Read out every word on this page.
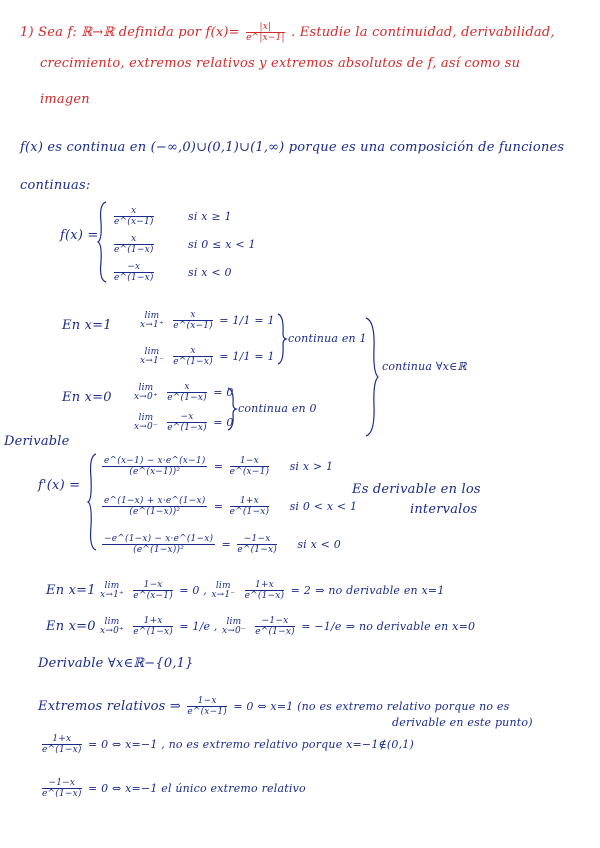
1) Sea f: ℝ→ℝ definida por $f(x)= \frac{|x|}{e\^{}|x-1|}$ . Estudie la continuidad, derivabilidad,
crecimiento, extremos relativos y extremos absolutos de f, así como su
imagen
f(x) es continua en (−∞,0)∪(0,1)∪(1,∞) porque es una composición de funciones
continuas:
f(x) =
$\frac{x}{e\^{}(x-1)}$	si x ≥ 1
$\frac{x}{e\^{}(1-x)}$	si 0 ≤ x < 1
$\frac{-x}{e\^{}(1-x)}$	si x < 0
En x=1
lim
x→1⁺
$\frac{x}{e\^{}(x-1)} = 1/1 = 1$
lim
x→1⁻
$\frac{x}{e\^{}(1-x)} = 1/1 = 1$
continua en 1
En x=0
lim
x→0⁺
$\frac{x}{e\^{}(1-x)} = 0$
lim
x→0⁻
$\frac{-x}{e\^{}(1-x)} = 0$
continua en 0
continua ∀x∈ℝ
Derivable
f'(x) =
$\frac{e\^{}(x-1) - x\cdot e\^{}(x-1)}{\text{(e\textasciicircum{}(x−1))²}} = \frac{1-x}{e\^{}(x-1)}$ si x > 1
$\frac{e\^{}(1-x) + x\cdot e\^{}(1-x)}{\text{(e\textasciicircum{}(1−x))²}} = \frac{1+x}{e\^{}(1-x)}$ si 0 < x < 1
$\frac{-e\^{}(1-x) - x\cdot e\^{}(1-x)}{\text{(e\textasciicircum{}(1−x))²}} = \frac{-1-x}{e\^{}(1-x)}$ si x < 0
Es derivable en los
intervalos
En x=1 lim
x→1⁺
$\frac{1-x}{e\^{}(x-1)} = 0$ , lim
x→1⁻
$\frac{1+x}{e\^{}(1-x)} = 2$ ⇒ no derivable en x=1
En x=0 lim
x→0⁺
$\frac{1+x}{e\^{}(1-x)} = 1/e$ , lim
x→0⁻
$\frac{-1-x}{e\^{}(1-x)} = -1/e$ ⇒ no derivable en x=0
Derivable ∀x∈ℝ−{0,1}
Extremos relativos ⇒ $\frac{1-x}{e\^{}(x-1)} = 0$ ⇔ x=1 (no es extremo relativo porque no es
derivable en este punto)
$\frac{1+x}{e\^{}(1-x)} = 0$ ⇔ x=−1 , no es extremo relativo porque x=−1∉(0,1)
$\frac{-1-x}{e\^{}(1-x)} = 0$ ⇔ x=−1 el único extremo relativo
